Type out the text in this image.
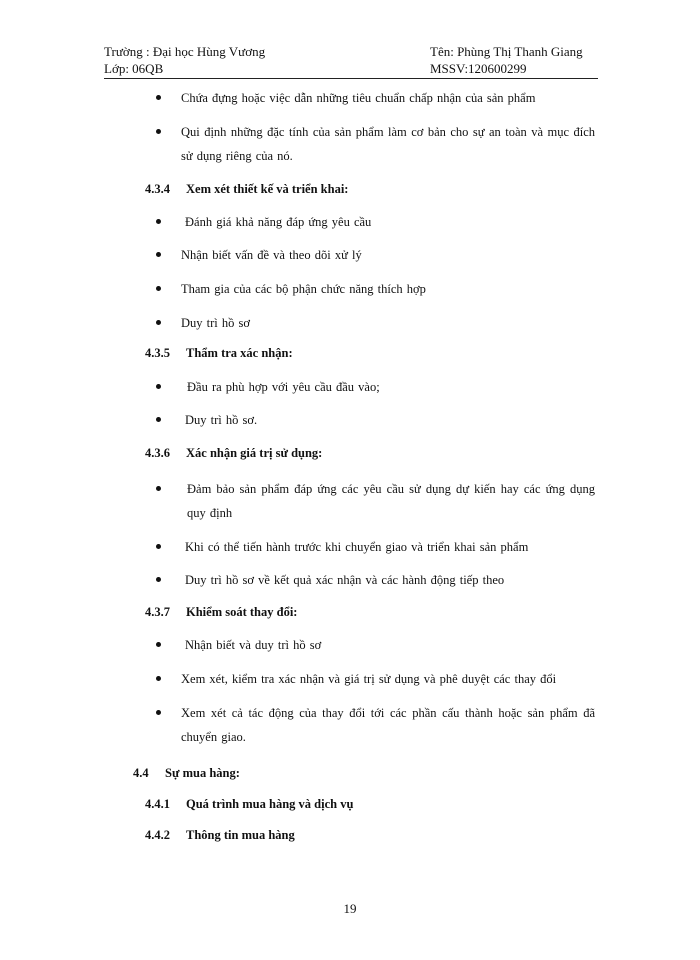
Trường : Đại học Hùng Vương	Tên: Phùng Thị Thanh Giang
Lớp: 06QB	MSSV:120600299
Chứa đựng hoặc việc dẫn những tiêu chuẩn chấp nhận của sản phẩm
Qui định những đặc tính của sản phẩm làm cơ bản cho sự an toàn và mục đích sử dụng riêng của nó.
4.3.4 Xem xét thiết kế và triển khai:
Đánh giá khả năng đáp ứng yêu cầu
Nhận biết vấn đề và theo dõi xử lý
Tham gia của các bộ phận chức năng thích hợp
Duy trì hồ sơ
4.3.5 Thẩm tra xác nhận:
Đầu ra phù hợp với yêu cầu đầu vào;
Duy trì hồ sơ.
4.3.6 Xác nhận giá trị sử dụng:
Đảm bảo sản phẩm đáp ứng các yêu cầu sử dụng dự kiến hay các ứng dụng quy định
Khi có thể tiến hành trước khi chuyển giao và triển khai sản phẩm
Duy trì hồ sơ về kết quả xác nhận và các hành động tiếp theo
4.3.7 Khiểm soát thay đổi:
Nhận biết và duy trì hồ sơ
Xem xét, kiểm tra xác nhận và giá trị sử dụng và phê duyệt các thay đổi
Xem xét cả tác động của thay đổi tới các phần cấu thành hoặc sản phẩm đã chuyển giao.
4.4 Sự mua hàng:
4.4.1 Quá trình mua hàng và dịch vụ
4.4.2 Thông tin mua hàng
19
